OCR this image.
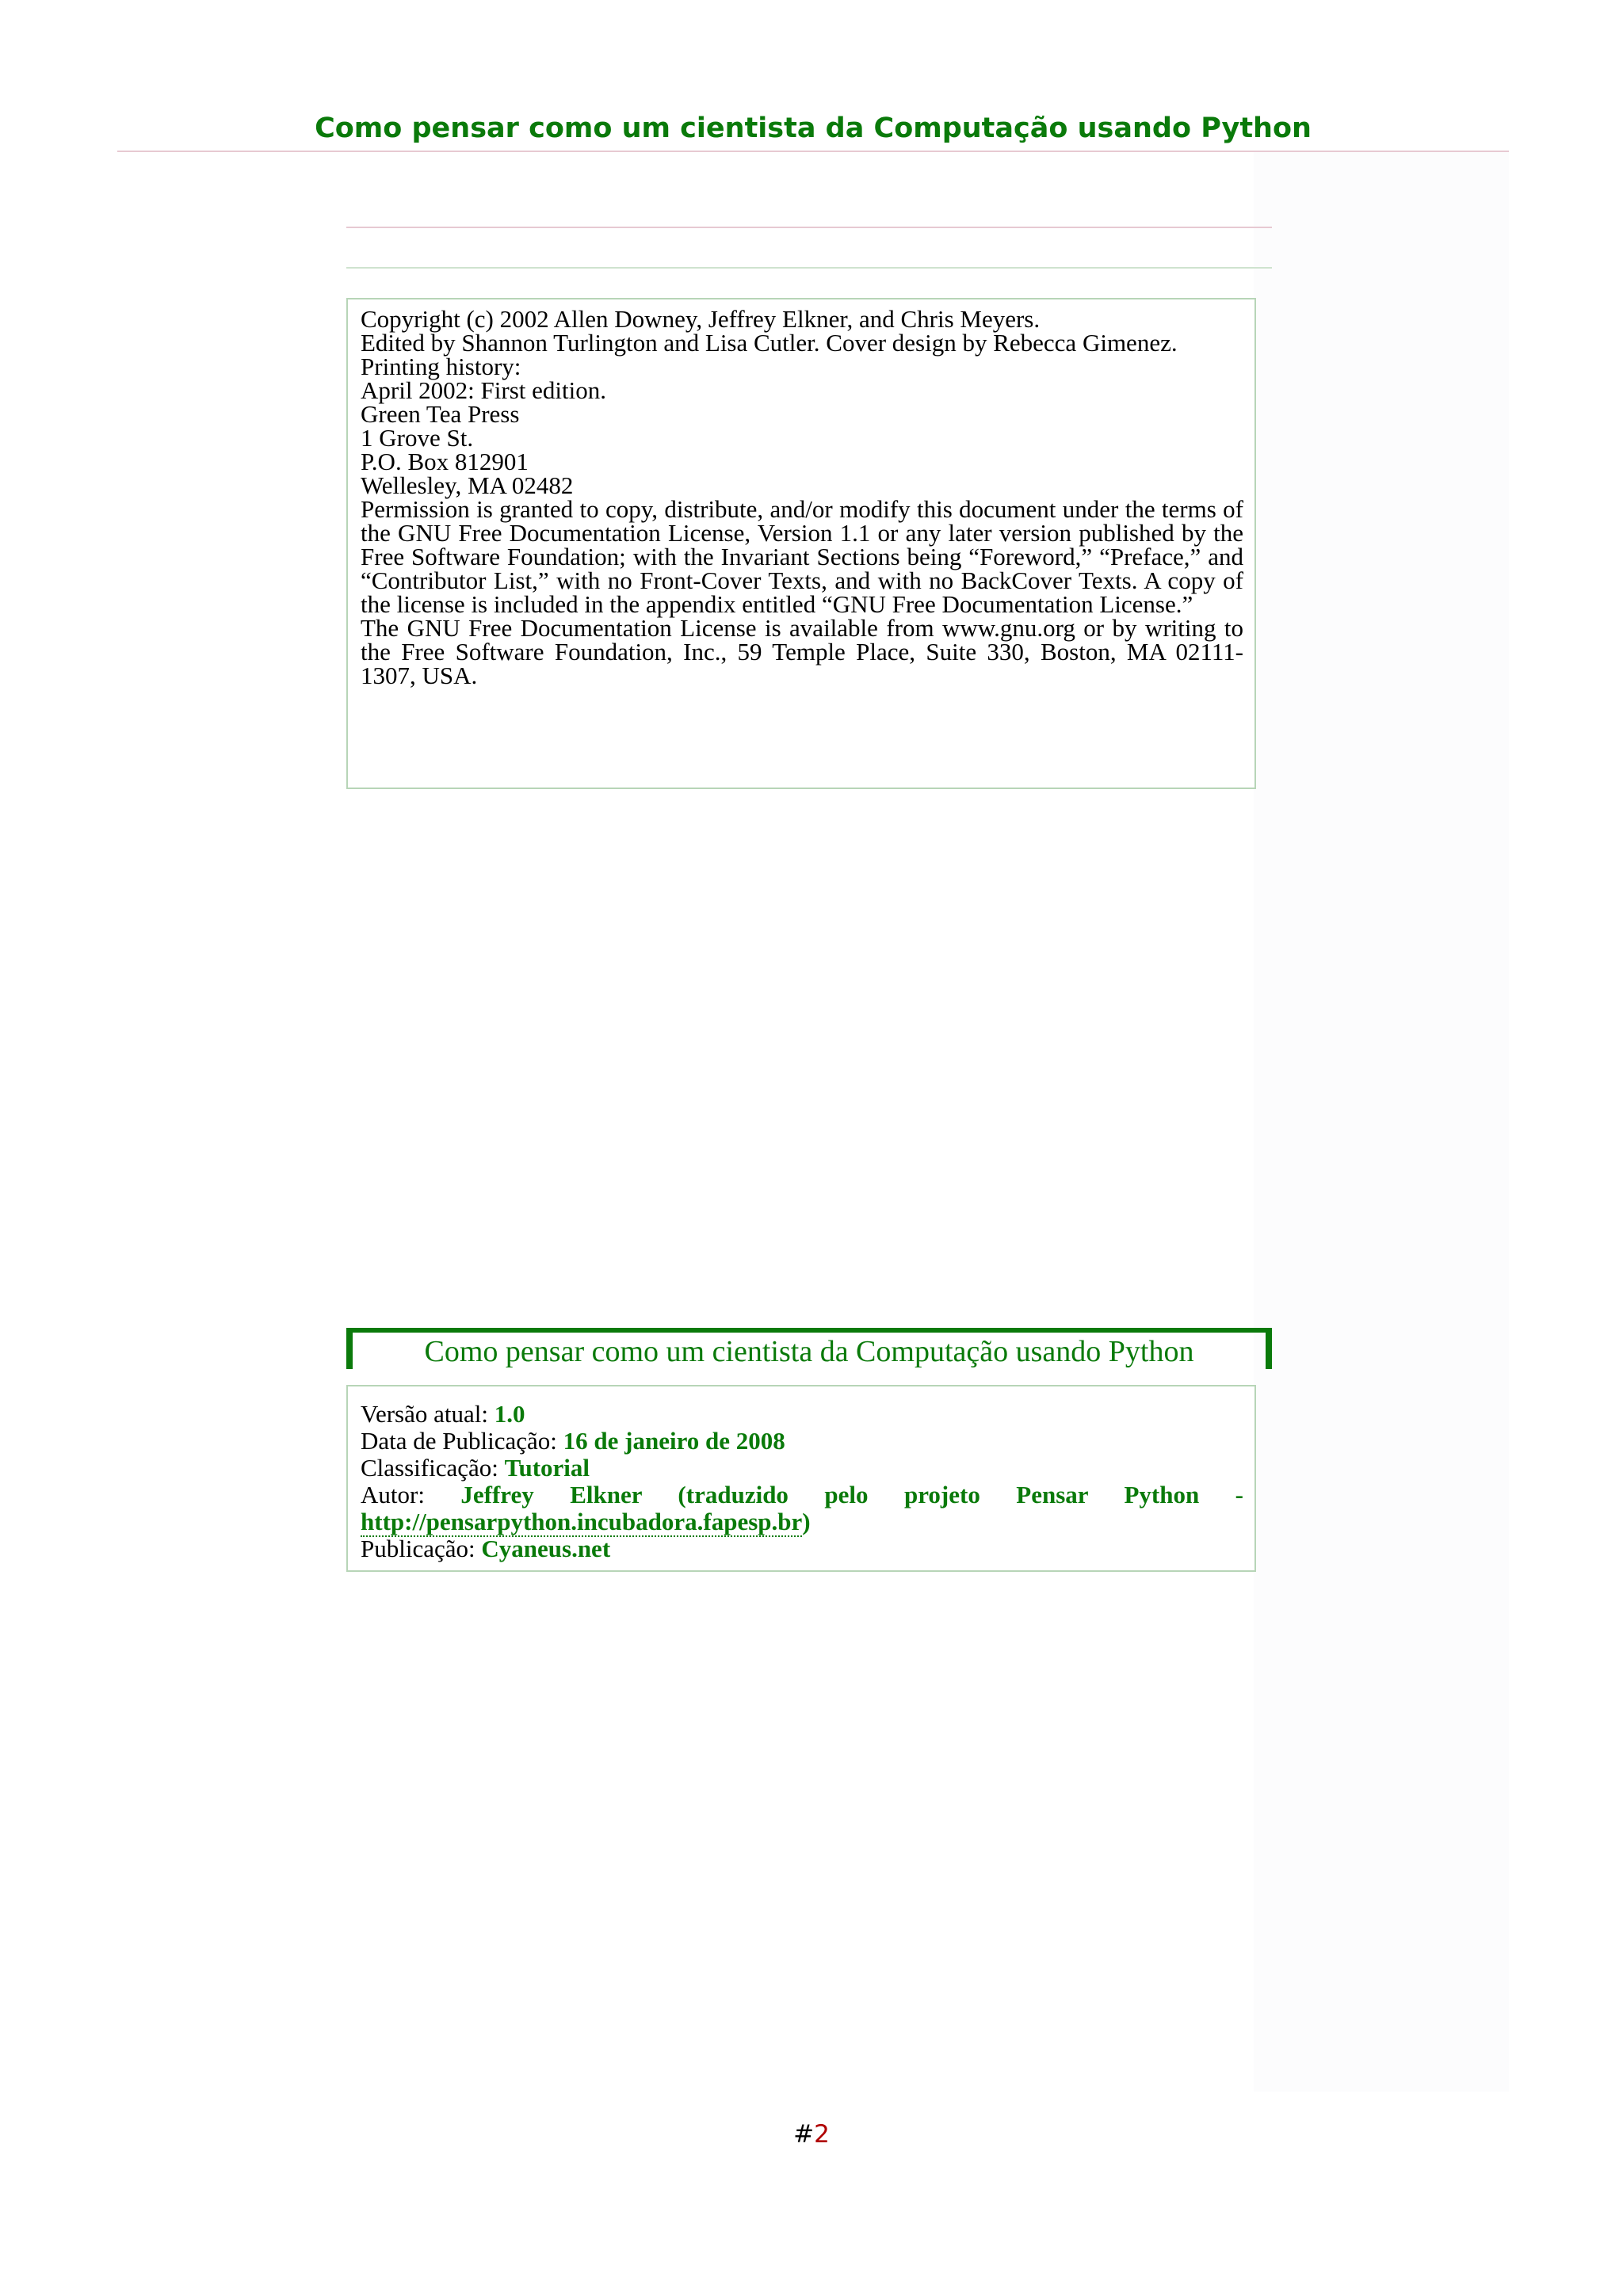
Como pensar como um cientista da Computação usando Python
Copyright (c) 2002 Allen Downey, Jeffrey Elkner, and Chris Meyers.
Edited by Shannon Turlington and Lisa Cutler. Cover design by Rebecca Gimenez.
Printing history:
April 2002: First edition.
Green Tea Press
1 Grove St.
P.O. Box 812901
Wellesley, MA 02482
Permission is granted to copy, distribute, and/or modify this document under the terms of the GNU Free Documentation License, Version 1.1 or any later version published by the Free Software Foundation; with the Invariant Sections being “Foreword,” “Preface,” and “Contributor List,” with no Front-Cover Texts, and with no BackCover Texts. A copy of the license is included in the appendix entitled “GNU Free Documentation License.”
The GNU Free Documentation License is available from www.gnu.org or by writing to the Free Software Foundation, Inc., 59 Temple Place, Suite 330, Boston, MA 02111-1307, USA.
Como pensar como um cientista da Computação usando Python
Versão atual: 1.0
Data de Publicação: 16 de janeiro de 2008
Classificação: Tutorial
Autor: Jeffrey Elkner (traduzido pelo projeto Pensar Python -
http://pensarpython.incubadora.fapesp.br)
Publicação: Cyaneus.net
#2
